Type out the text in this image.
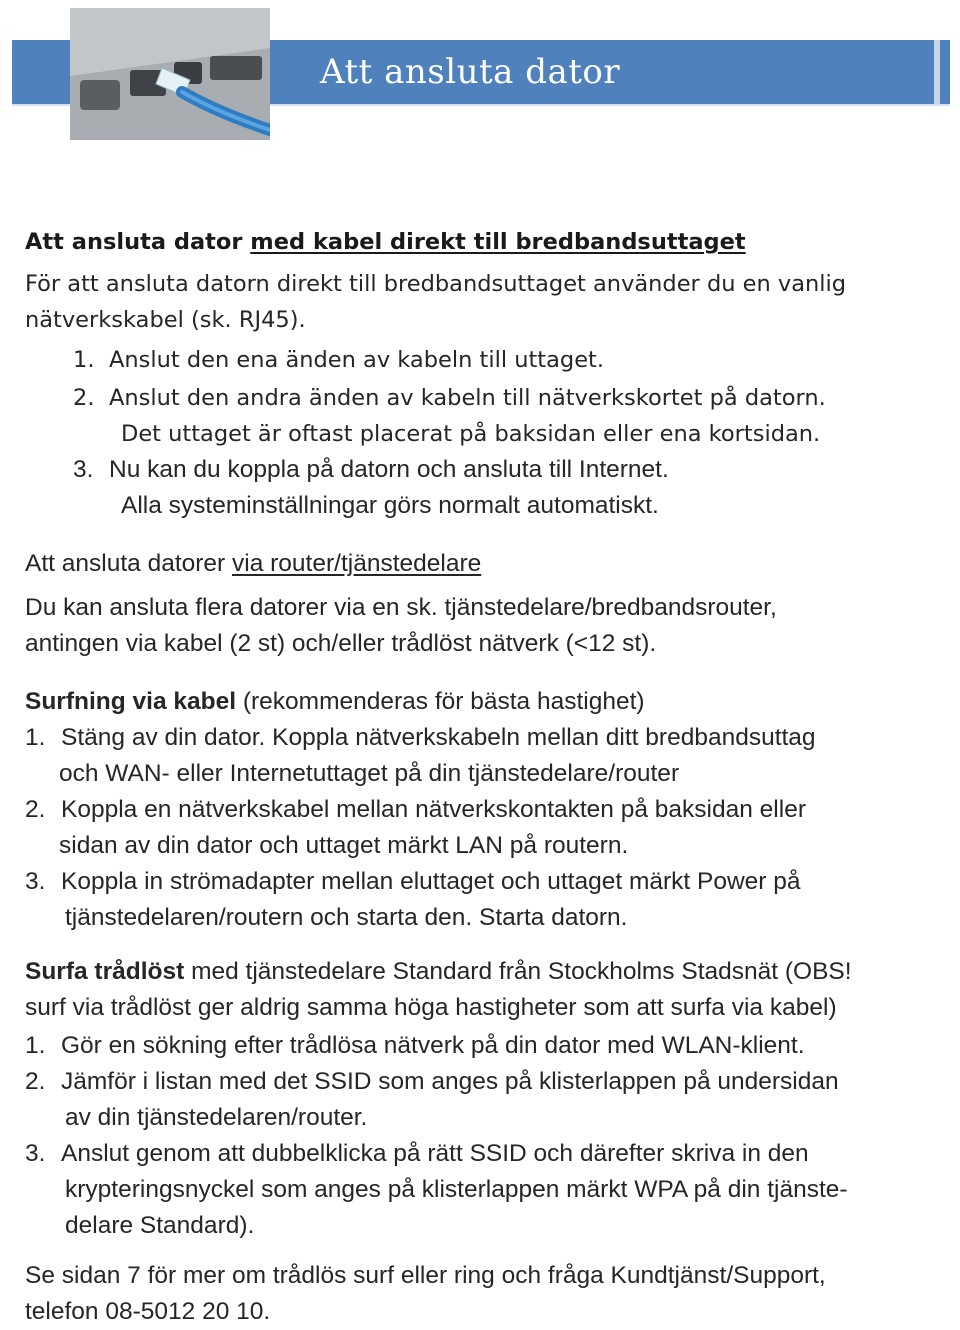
Att ansluta dator
Att ansluta dator med kabel direkt till bredbandsuttaget
För att ansluta datorn direkt till bredbandsuttaget använder du en vanlig
nätverkskabel (sk. RJ45).
1. Anslut den ena änden av kabeln till uttaget.
2. Anslut den andra änden av kabeln till nätverkskortet på datorn.
Det uttaget är oftast placerat på baksidan eller ena kortsidan.
3. Nu kan du koppla på datorn och ansluta till Internet.
Alla systeminställningar görs normalt automatiskt.
Att ansluta datorer via router/tjänstedelare
Du kan ansluta flera datorer via en sk. tjänstedelare/bredbandsrouter,
antingen via kabel (2 st) och/eller trådlöst nätverk (<12 st).
Surfning via kabel (rekommenderas för bästa hastighet)
1. Stäng av din dator. Koppla nätverkskabeln mellan ditt bredbandsuttag
och WAN- eller Internetuttaget på din tjänstedelare/router
2. Koppla en nätverkskabel mellan nätverkskontakten på baksidan eller
sidan av din dator och uttaget märkt LAN på routern.
3. Koppla in strömadapter mellan eluttaget och uttaget märkt Power på
tjänstedelaren/routern och starta den. Starta datorn.
Surfa trådlöst med tjänstedelare Standard från Stockholms Stadsnät (OBS!
surf via trådlöst ger aldrig samma höga hastigheter som att surfa via kabel)
1. Gör en sökning efter trådlösa nätverk på din dator med WLAN-klient.
2. Jämför i listan med det SSID som anges på klisterlappen på undersidan
av din tjänstedelaren/router.
3. Anslut genom att dubbelklicka på rätt SSID och därefter skriva in den
krypteringsnyckel som anges på klisterlappen märkt WPA på din tjänste-
delare Standard).
Se sidan 7 för mer om trådlös surf eller ring och fråga Kundtjänst/Support,
telefon 08-5012 20 10.
